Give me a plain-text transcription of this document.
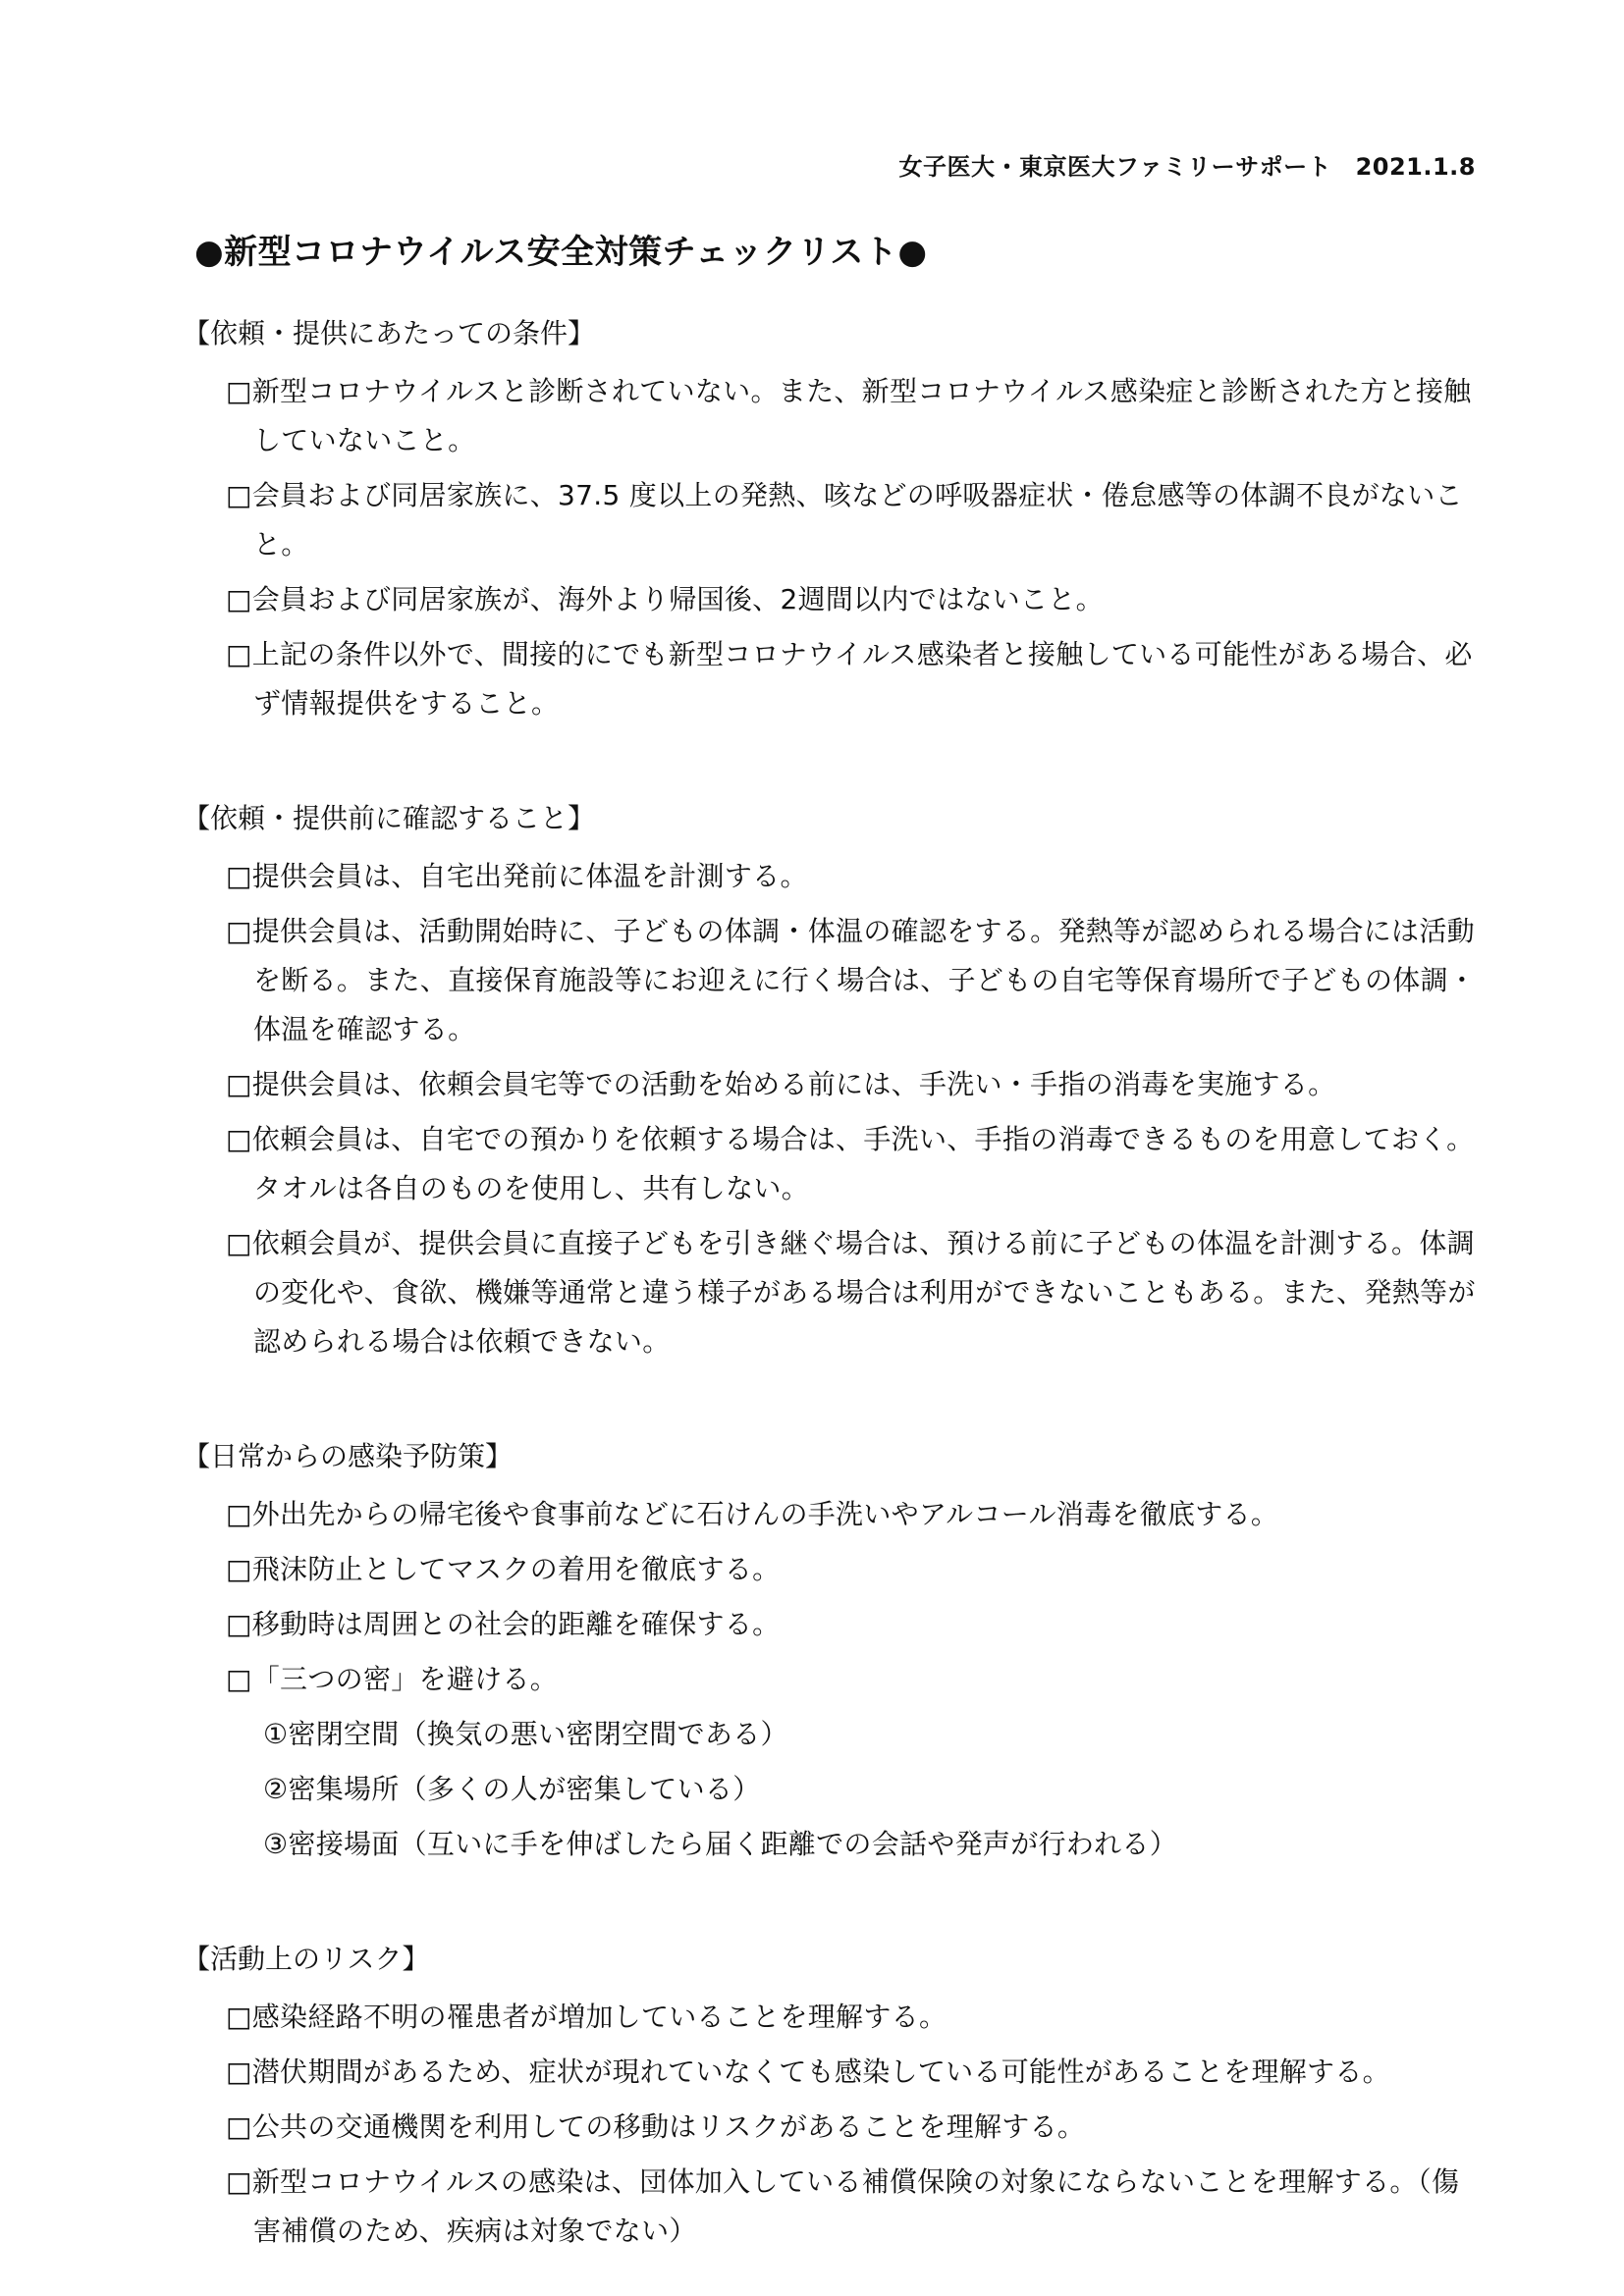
女子医大・東京医大ファミリーサポート　2021.1.8
●新型コロナウイルス安全対策チェックリスト●
【依頼・提供にあたっての条件】
□新型コロナウイルスと診断されていない。また、新型コロナウイルス感染症と診断された方と接触していないこと。
□会員および同居家族に、37.5 度以上の発熱、咳などの呼吸器症状・倦怠感等の体調不良がないこと。
□会員および同居家族が、海外より帰国後、2週間以内ではないこと。
□上記の条件以外で、間接的にでも新型コロナウイルス感染者と接触している可能性がある場合、必ず情報提供をすること。
【依頼・提供前に確認すること】
□提供会員は、自宅出発前に体温を計測する。
□提供会員は、活動開始時に、子どもの体調・体温の確認をする。発熱等が認められる場合には活動を断る。また、直接保育施設等にお迎えに行く場合は、子どもの自宅等保育場所で子どもの体調・体温を確認する。
□提供会員は、依頼会員宅等での活動を始める前には、手洗い・手指の消毒を実施する。
□依頼会員は、自宅での預かりを依頼する場合は、手洗い、手指の消毒できるものを用意しておく。タオルは各自のものを使用し、共有しない。
□依頼会員が、提供会員に直接子どもを引き継ぐ場合は、預ける前に子どもの体温を計測する。体調の変化や、食欲、機嫌等通常と違う様子がある場合は利用ができないこともある。また、発熱等が認められる場合は依頼できない。
【日常からの感染予防策】
□外出先からの帰宅後や食事前などに石けんの手洗いやアルコール消毒を徹底する。
□飛沫防止としてマスクの着用を徹底する。
□移動時は周囲との社会的距離を確保する。
□「三つの密」を避ける。
①密閉空間（換気の悪い密閉空間である）
②密集場所（多くの人が密集している）
③密接場面（互いに手を伸ばしたら届く距離での会話や発声が行われる）
【活動上のリスク】
□感染経路不明の罹患者が増加していることを理解する。
□潜伏期間があるため、症状が現れていなくても感染している可能性があることを理解する。
□公共の交通機関を利用しての移動はリスクがあることを理解する。
□新型コロナウイルスの感染は、団体加入している補償保険の対象にならないことを理解する。（傷害補償のため、疾病は対象でない）
